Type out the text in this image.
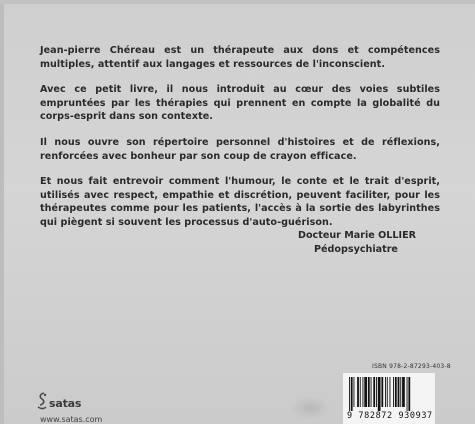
Jean-pierre Chéreau est un thérapeute aux dons et compétences multiples, attentif aux langages et ressources de l'inconscient.

Avec ce petit livre, il nous introduit au cœur des voies subtiles empruntées par les thérapies qui prennent en compte la globalité du corps-esprit dans son contexte.

Il nous ouvre son répertoire personnel d'histoires et de réflexions, renforcées avec bonheur par son coup de crayon efficace.

Et nous fait entrevoir comment l'humour, le conte et le trait d'esprit, utilisés avec respect, empathie et discrétion, peuvent faciliter, pour les thérapeutes comme pour les patients, l'accès à la sortie des labyrinthes qui piègent si souvent les processus d'auto-guérison.

Docteur Marie OLLIER
Pédopsychiatre
satas
www.satas.com
ISBN 978-2-87293-403-8
9 782872 930937
